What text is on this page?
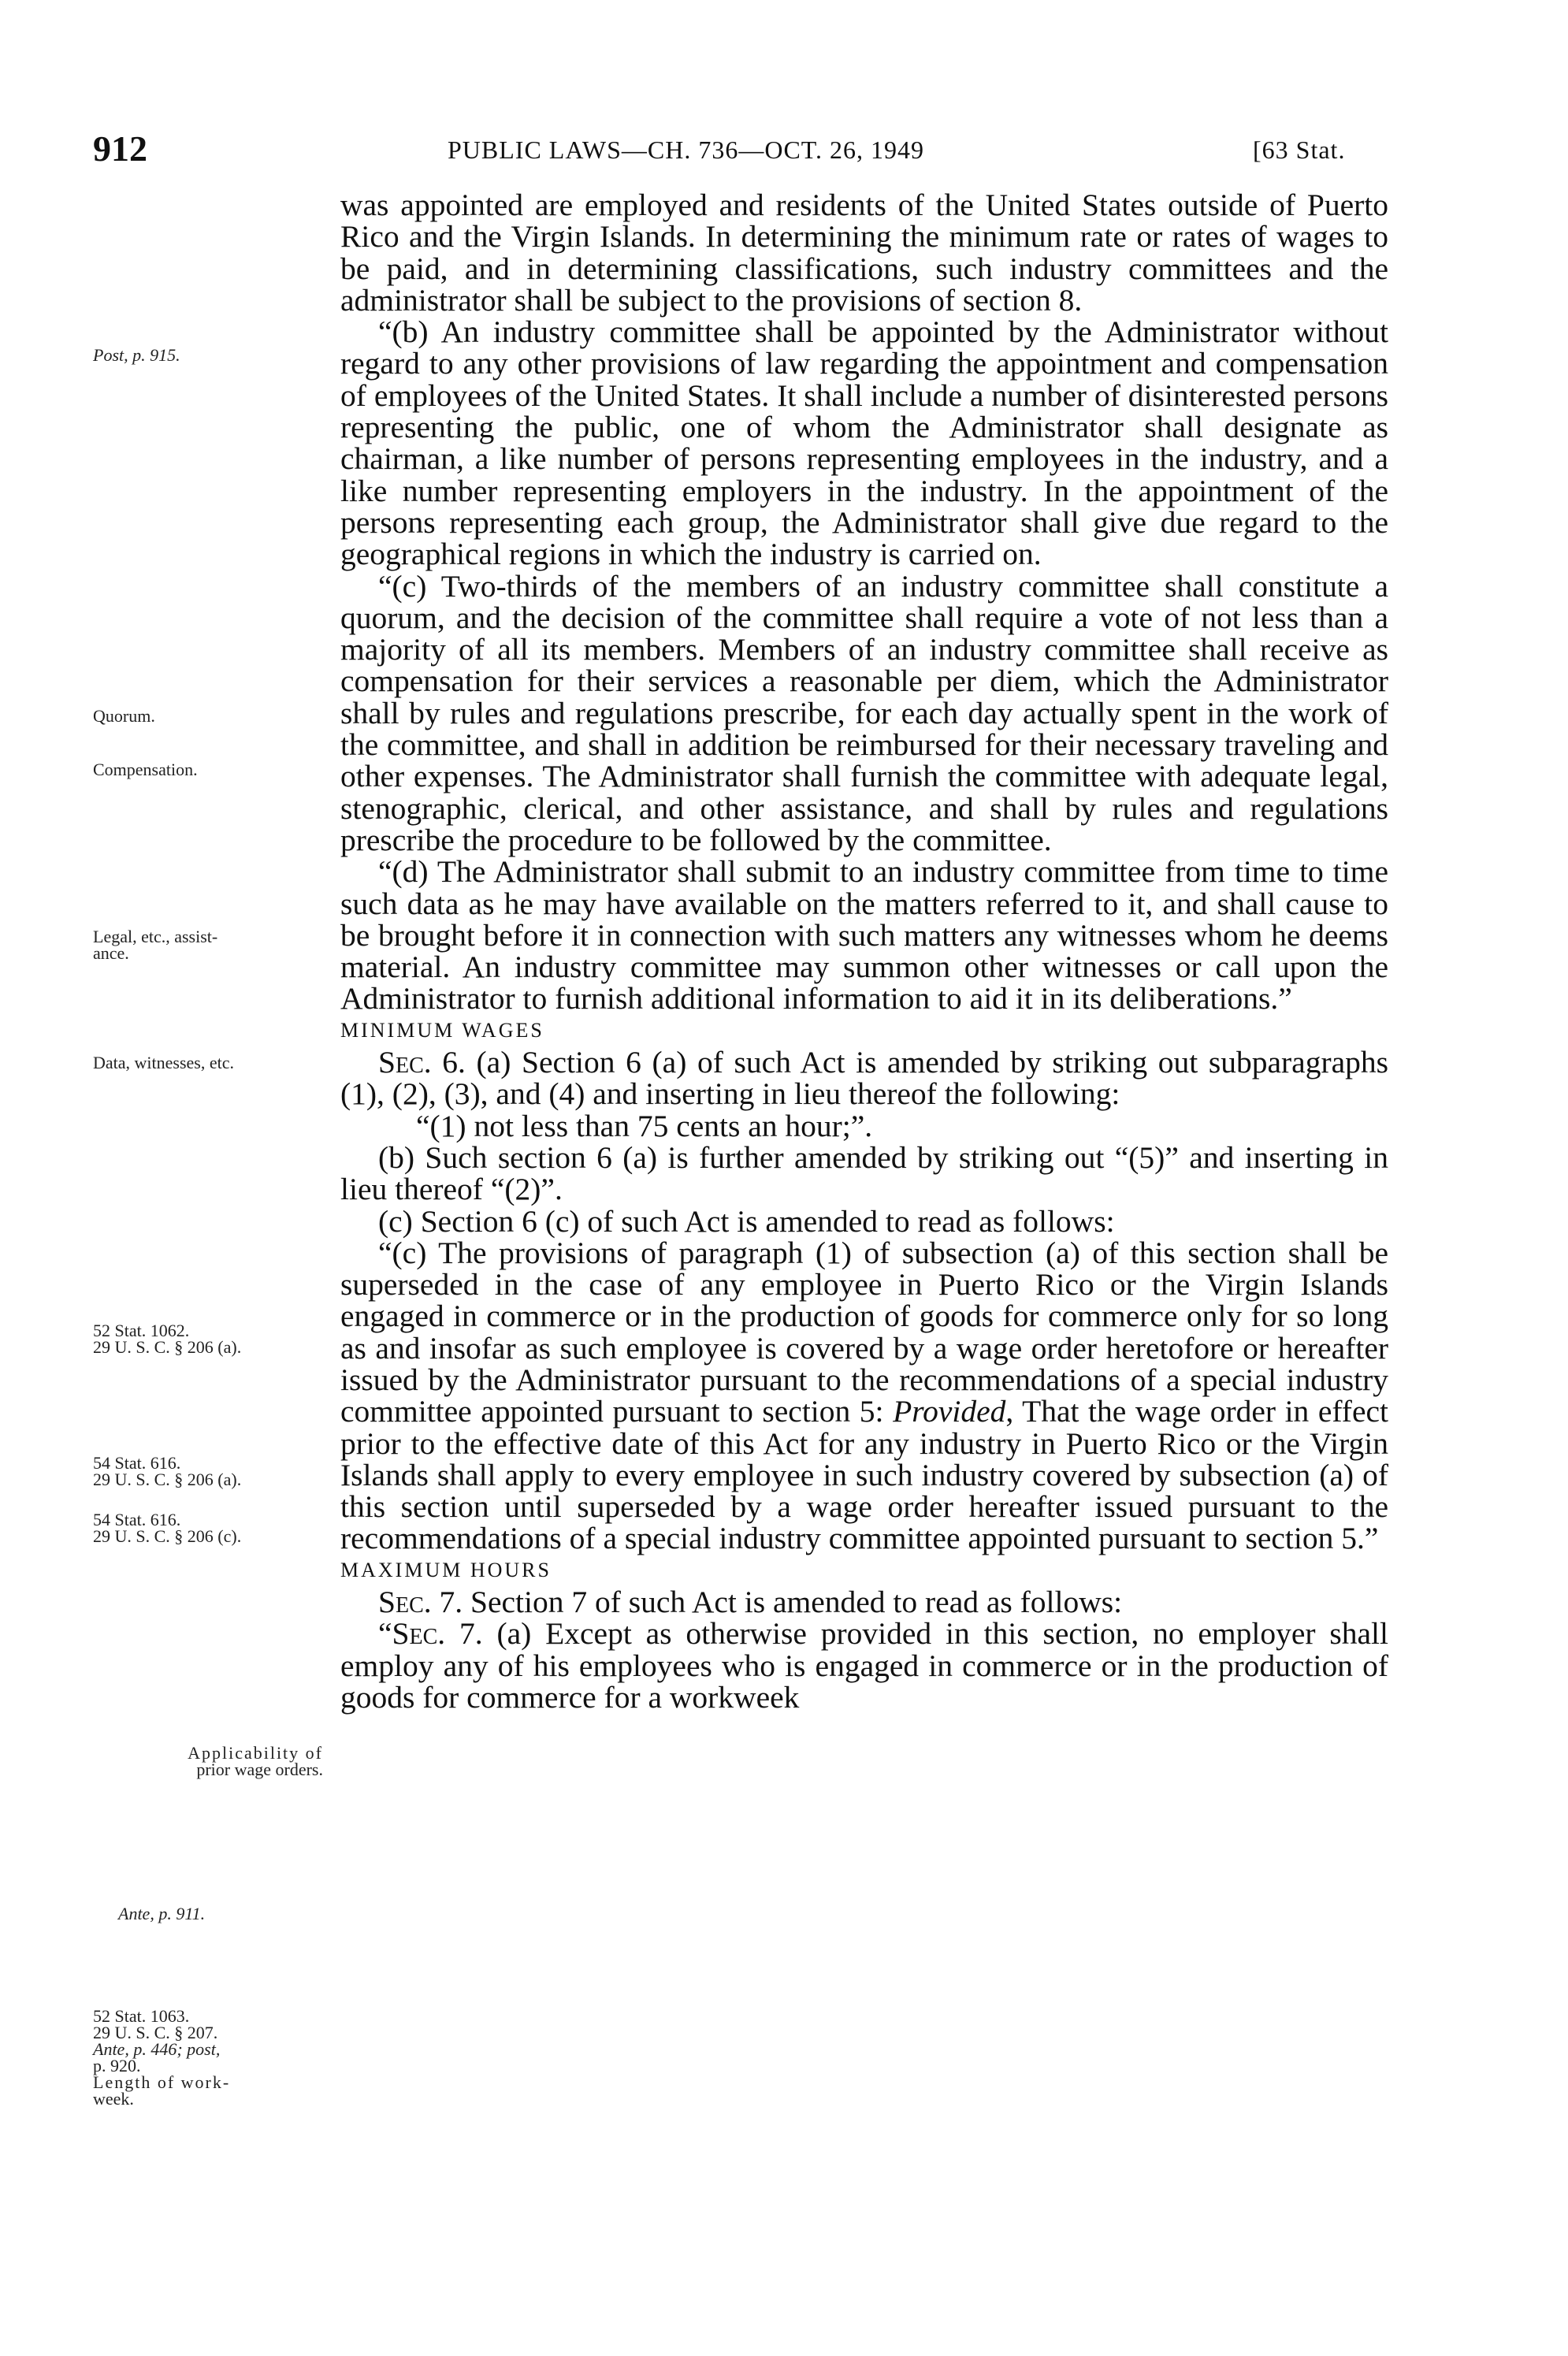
912	PUBLIC LAWS—CH. 736—OCT. 26, 1949	[63 Stat.
Post, p. 915.
Quorum.
Compensation.
Legal, etc., assist-
ance.
Data, witnesses, etc.
52 Stat. 1062.
29 U. S. C. § 206 (a).
54 Stat. 616.
29 U. S. C. § 206 (a).
54 Stat. 616.
29 U. S. C. § 206 (c).
Applicability of
prior wage orders.
Ante, p. 911.
52 Stat. 1063.
29 U. S. C. § 207.
Ante, p. 446; post,
p. 920.
Length of work-
week.

was appointed are employed and residents of the United States outside of Puerto Rico and the Virgin Islands. In determining the minimum rate or rates of wages to be paid, and in determining classifications, such industry committees and the administrator shall be subject to the provisions of section 8.

“(b) An industry committee shall be appointed by the Administrator without regard to any other provisions of law regarding the appointment and compensation of employees of the United States. It shall include a number of disinterested persons representing the public, one of whom the Administrator shall designate as chairman, a like number of persons representing employees in the industry, and a like number representing employers in the industry. In the appointment of the persons representing each group, the Administrator shall give due regard to the geographical regions in which the industry is carried on.

“(c) Two-thirds of the members of an industry committee shall constitute a quorum, and the decision of the committee shall require a vote of not less than a majority of all its members. Members of an industry committee shall receive as compensation for their services a reasonable per diem, which the Administrator shall by rules and regulations prescribe, for each day actually spent in the work of the committee, and shall in addition be reimbursed for their necessary traveling and other expenses. The Administrator shall furnish the committee with adequate legal, stenographic, clerical, and other assistance, and shall by rules and regulations prescribe the procedure to be followed by the committee.

“(d) The Administrator shall submit to an industry committee from time to time such data as he may have available on the matters referred to it, and shall cause to be brought before it in connection with such matters any witnesses whom he deems material. An industry committee may summon other witnesses or call upon the Administrator to furnish additional information to aid it in its deliberations.”

MINIMUM WAGES

Sec. 6. (a) Section 6 (a) of such Act is amended by striking out subparagraphs (1), (2), (3), and (4) and inserting in lieu thereof the following:

“(1) not less than 75 cents an hour;”.

(b) Such section 6 (a) is further amended by striking out “(5)” and inserting in lieu thereof “(2)”.

(c) Section 6 (c) of such Act is amended to read as follows:

“(c) The provisions of paragraph (1) of subsection (a) of this section shall be superseded in the case of any employee in Puerto Rico or the Virgin Islands engaged in commerce or in the production of goods for commerce only for so long as and insofar as such employee is covered by a wage order heretofore or hereafter issued by the Administrator pursuant to the recommendations of a special industry committee appointed pursuant to section 5: Provided, That the wage order in effect prior to the effective date of this Act for any industry in Puerto Rico or the Virgin Islands shall apply to every employee in such industry covered by subsection (a) of this section until superseded by a wage order hereafter issued pursuant to the recommendations of a special industry committee appointed pursuant to section 5.”

MAXIMUM HOURS

Sec. 7. Section 7 of such Act is amended to read as follows:

“Sec. 7. (a) Except as otherwise provided in this section, no employer shall employ any of his employees who is engaged in commerce or in the production of goods for commerce for a workweek
